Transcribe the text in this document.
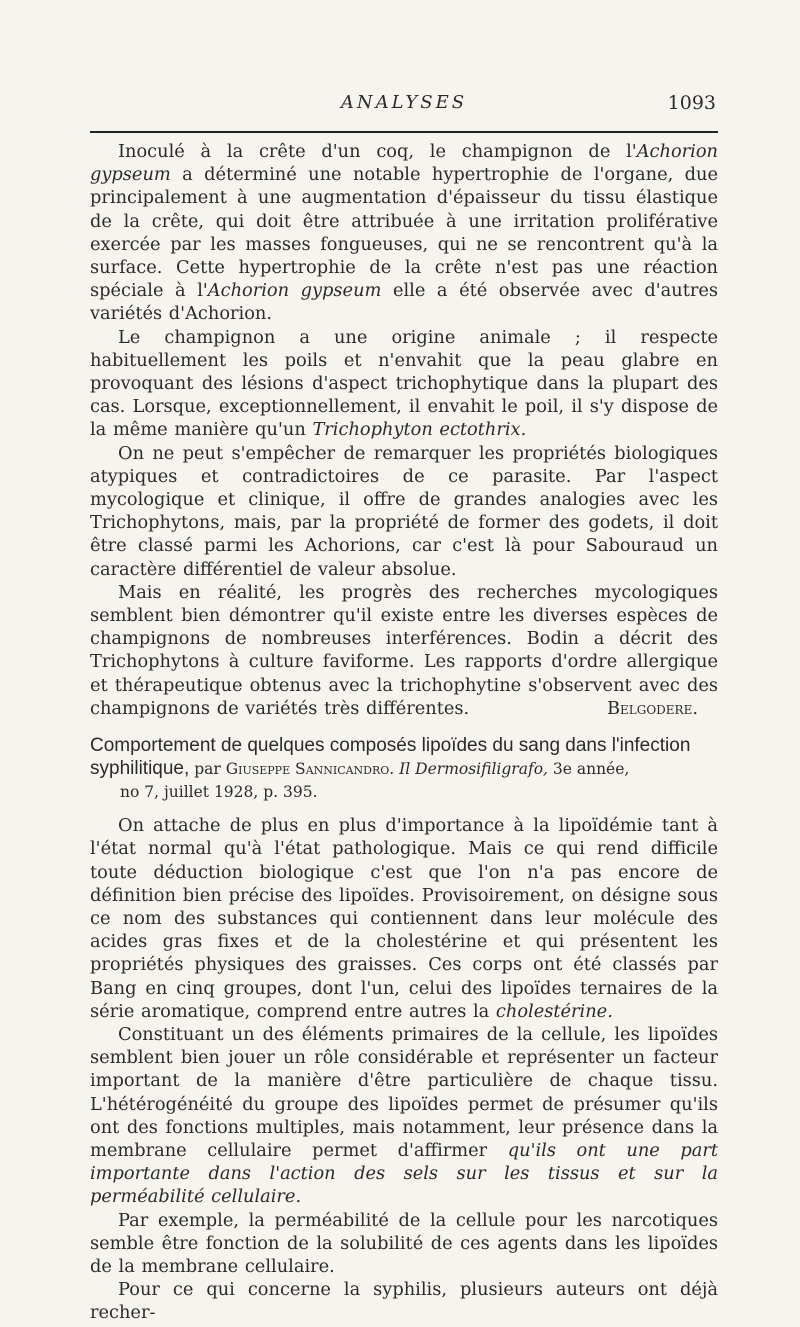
ANALYSES	1093

Inoculé à la crête d'un coq, le champignon de l'Achorion gypseum a déterminé une notable hypertrophie de l'organe, due principalement à une augmentation d'épaisseur du tissu élastique de la crête, qui doit être attribuée à une irritation proliférative exercée par les masses fongueuses, qui ne se rencontrent qu'à la surface. Cette hypertrophie de la crête n'est pas une réaction spéciale à l'Achorion gypseum elle a été observée avec d'autres variétés d'Achorion.

Le champignon a une origine animale ; il respecte habituellement les poils et n'envahit que la peau glabre en provoquant des lésions d'aspect trichophytique dans la plupart des cas. Lorsque, exceptionnellement, il envahit le poil, il s'y dispose de la même manière qu'un Trichophyton ectothrix.

On ne peut s'empêcher de remarquer les propriétés biologiques atypiques et contradictoires de ce parasite. Par l'aspect mycologique et clinique, il offre de grandes analogies avec les Trichophytons, mais, par la propriété de former des godets, il doit être classé parmi les Achorions, car c'est là pour Sabouraud un caractère différentiel de valeur absolue.

Mais en réalité, les progrès des recherches mycologiques semblent bien démontrer qu'il existe entre les diverses espèces de champignons de nombreuses interférences. Bodin a décrit des Trichophytons à culture faviforme. Les rapports d'ordre allergique et thérapeutique obtenus avec la trichophytine s'observent avec des champignons de variétés très différentes.	Belgodere.
Comportement de quelques composés lipoïdes du sang dans l'infection syphilitique, par Giuseppe Sannicandro. Il Dermosifiligrafo, 3e année,
no 7, juillet 1928, p. 395.

On attache de plus en plus d'importance à la lipoïdémie tant à l'état normal qu'à l'état pathologique. Mais ce qui rend difficile toute déduction biologique c'est que l'on n'a pas encore de définition bien précise des lipoïdes. Provisoirement, on désigne sous ce nom des substances qui contiennent dans leur molécule des acides gras fixes et de la cholestérine et qui présentent les propriétés physiques des graisses. Ces corps ont été classés par Bang en cinq groupes, dont l'un, celui des lipoïdes ternaires de la série aromatique, comprend entre autres la cholestérine.

Constituant un des éléments primaires de la cellule, les lipoïdes semblent bien jouer un rôle considérable et représenter un facteur important de la manière d'être particulière de chaque tissu. L'hétérogénéité du groupe des lipoïdes permet de présumer qu'ils ont des fonctions multiples, mais notamment, leur présence dans la membrane cellulaire permet d'affirmer qu'ils ont une part importante dans l'action des sels sur les tissus et sur la perméabilité cellulaire.

Par exemple, la perméabilité de la cellule pour les narcotiques semble être fonction de la solubilité de ces agents dans les lipoïdes de la membrane cellulaire.

Pour ce qui concerne la syphilis, plusieurs auteurs ont déjà recher-
